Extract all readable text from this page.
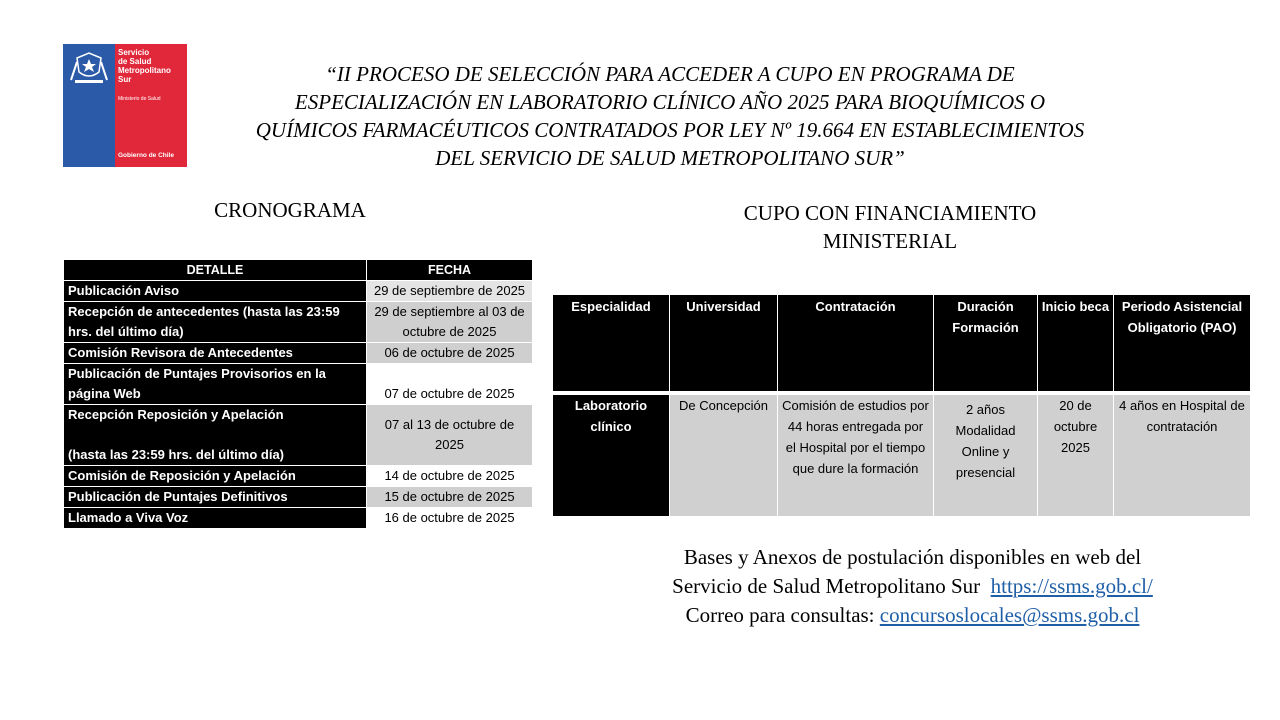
Servicio
de Salud
Metropolitano
Sur
Ministerio de Salud
Gobierno de Chile
“II PROCESO DE SELECCIÓN PARA ACCEDER A CUPO EN PROGRAMA DE
ESPECIALIZACIÓN EN LABORATORIO CLÍNICO AÑO 2025 PARA BIOQUÍMICOS O
QUÍMICOS FARMACÉUTICOS CONTRATADOS POR LEY Nº 19.664 EN ESTABLECIMIENTOS
DEL SERVICIO DE SALUD METROPOLITANO SUR”
CRONOGRAMA	CUPO CON FINANCIAMIENTO
MINISTERIAL
DETALLE	FECHA
Publicación Aviso	29 de septiembre de 2025
Recepción de antecedentes (hasta las 23:59 hrs. del último día)	29 de septiembre al 03 de octubre de 2025
Comisión Revisora de Antecedentes	06 de octubre de 2025
Publicación de Puntajes Provisorios en la página Web	07 de octubre de 2025
Recepción Reposición y Apelación

(hasta las 23:59 hrs. del último día)	07 al 13 de octubre de 2025
Comisión de Reposición y Apelación	14 de octubre de 2025
Publicación de Puntajes Definitivos	15 de octubre de 2025
Llamado a Viva Voz	16 de octubre de 2025
Especialidad	Universidad	Contratación	Duración Formación	Inicio beca	Periodo Asistencial Obligatorio (PAO)

Laboratorio clínico	De Concepción	Comisión de estudios por 44 horas entregada por el Hospital por el tiempo que dure la formación	2 años Modalidad Online y presencial	20 de octubre 2025	4 años en Hospital de contratación
Bases y Anexos de postulación disponibles en web del
Servicio de Salud Metropolitano Sur https://ssms.gob.cl/
Correo para consultas: concursoslocales@ssms.gob.cl
